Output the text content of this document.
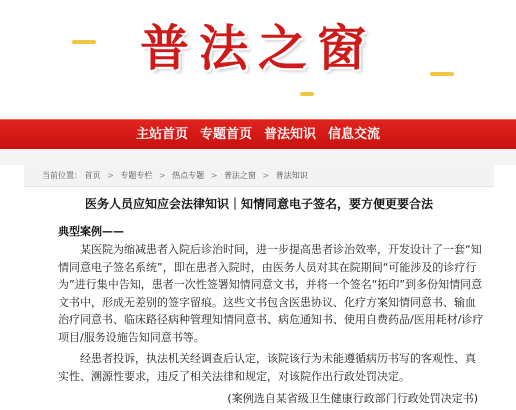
普法之窗
主站首页 专题首页 普法知识 信息交流
当前位置： 首页 > 专题专栏 > 热点专题 > 普法之窗 > 普法知识
医务人员应知应会法律知识｜知情同意电子签名，要方便更要合法
典型案例——
某医院为缩减患者入院后诊治时间，进一步提高患者诊治效率，开发设计了一套“知情同意电子签名系统”，即在患者入院时，由医务人员对其在院期间“可能涉及的诊疗行为”进行集中告知，患者一次性签署知情同意文书，并将一个签名“拓印”到多份知情同意文书中，形成无差别的签字留痕。这些文书包含医患协议、化疗方案知情同意书、输血治疗同意书、临床路径病种管理知情同意书、病危通知书、使用自费药品/医用耗材/诊疗项目/服务设施告知同意书等。
经患者投诉，执法机关经调查后认定，该院该行为未能遵循病历书写的客观性、真实性、溯源性要求，违反了相关法律和规定，对该院作出行政处罚决定。
(案例选自某省级卫生健康行政部门行政处罚决定书)
